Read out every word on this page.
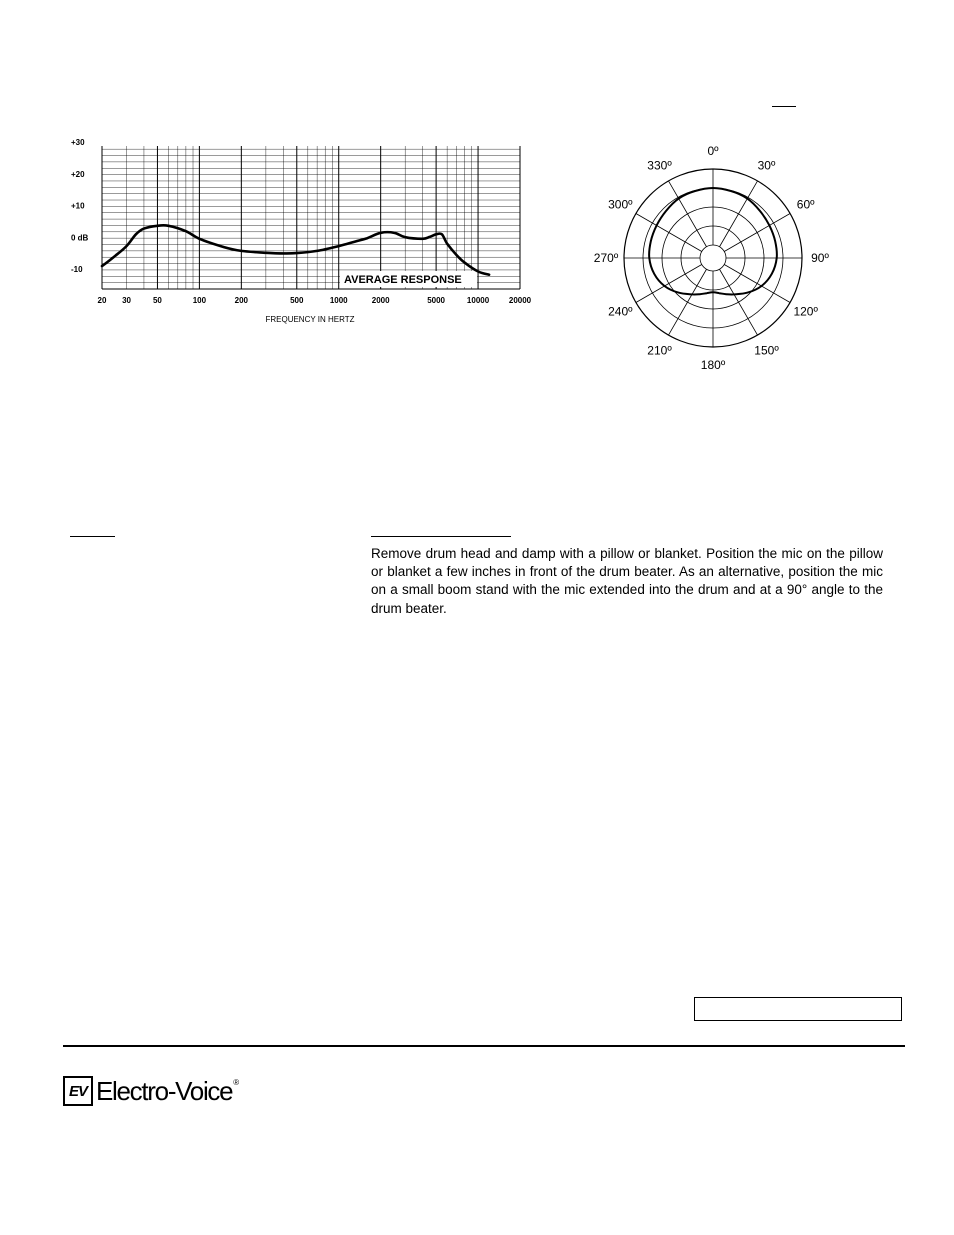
+30
+20
+10
0 dB
-10
20 30	50	100	200	500	1000	2000	5000	10000 20000
AVERAGE RESPONSE
FREQUENCY IN HERTZ
0º
30º
60º
90º
120º
150º
180º
210º
240º
270º
300º
330º
Remove drum head and damp with a pillow or blanket. Position the mic on the pillow or blanket a few inches in front of the drum beater. As an alternative, position the mic on a small boom stand with the mic extended into the drum and at a 90° angle to the drum beater.
EV Electro-Voice®
